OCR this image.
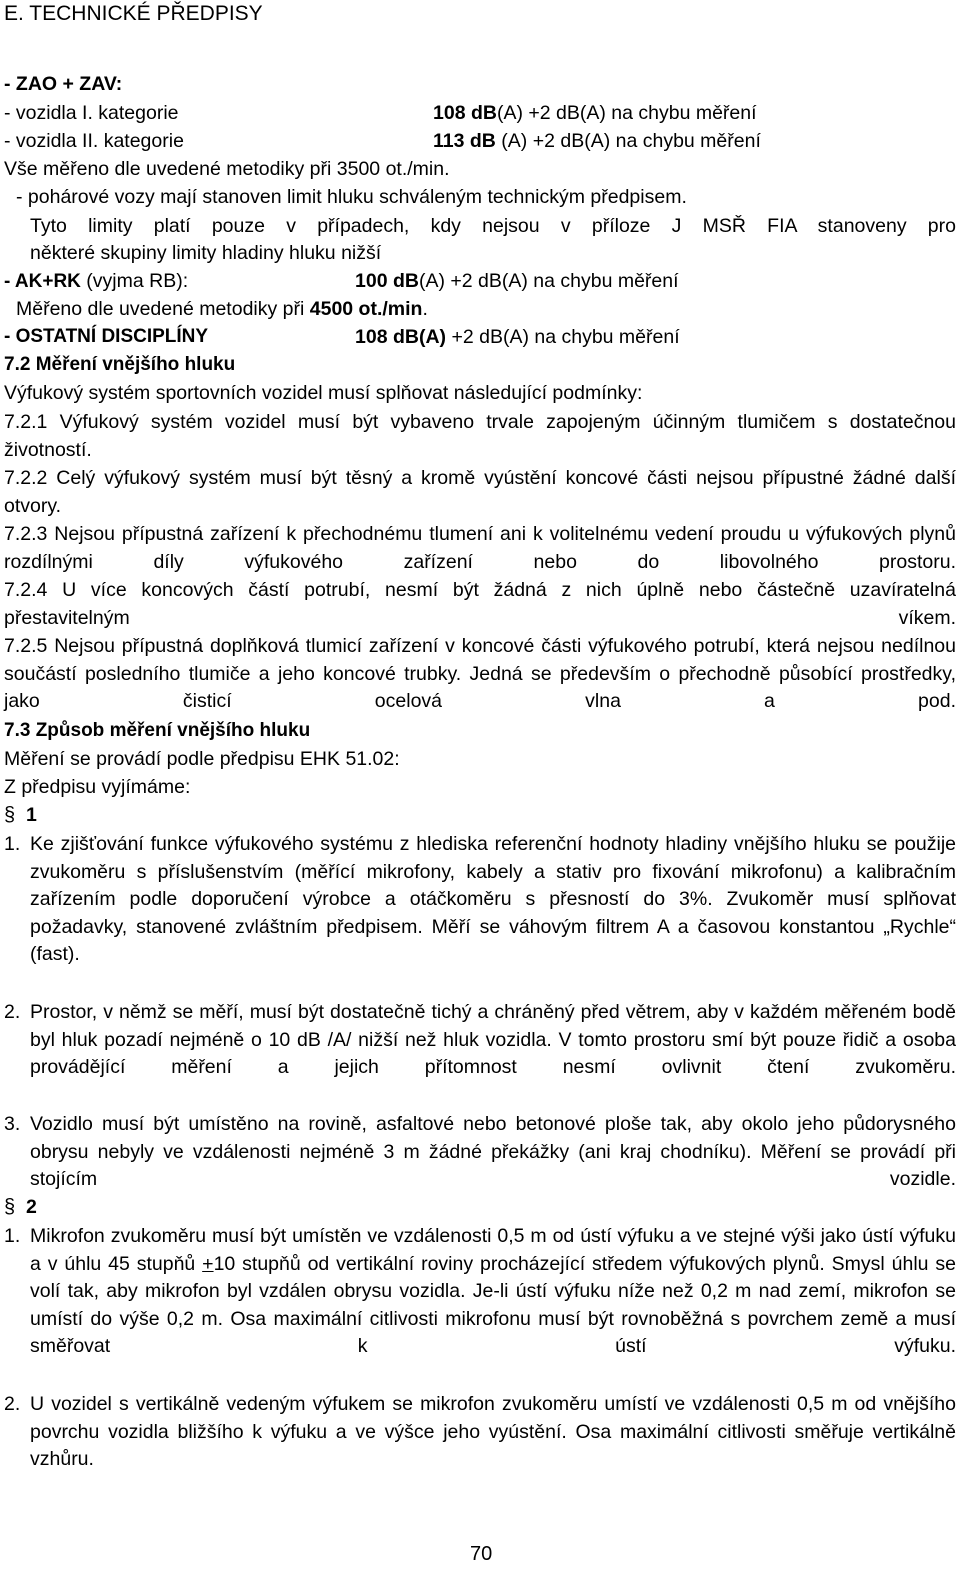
E. TECHNICKÉ PŘEDPISY
- ZAO + ZAV:
- vozidla I. kategorie	108 dB(A) +2 dB(A) na chybu měření
- vozidla II. kategorie	113 dB (A) +2 dB(A) na chybu měření
Vše měřeno dle uvedené metodiky při 3500 ot./min.
- pohárové vozy mají stanoven limit hluku schváleným technickým předpisem.
Tyto limity platí pouze v případech, kdy nejsou v příloze J MSŘ FIA stanoveny pro
některé skupiny limity hladiny hluku nižší
- AK+RK (vyjma RB):	100 dB(A) +2 dB(A) na chybu měření
Měřeno dle uvedené metodiky při 4500 ot./min.
- OSTATNÍ DISCIPLÍNY	108 dB(A) +2 dB(A) na chybu měření
7.2 Měření vnějšího hluku
Výfukový systém sportovních vozidel musí splňovat následující podmínky:
7.2.1 Výfukový systém vozidel musí být vybaveno trvale zapojeným účinným tlumičem s dostatečnou životností.
7.2.2 Celý výfukový systém musí být těsný a kromě vyústění koncové části nejsou přípustné žádné další otvory.
7.2.3 Nejsou přípustná zařízení k přechodnému tlumení ani k volitelnému vedení proudu u výfukových plynů rozdílnými díly výfukového zařízení nebo do libovolného prostoru.
7.2.4 U více koncových částí potrubí, nesmí být žádná z nich úplně nebo částečně uzavíratelná přestavitelným víkem.
7.2.5 Nejsou přípustná doplňková tlumicí zařízení v koncové části výfukového potrubí, která nejsou nedílnou součástí posledního tlumiče a jeho koncové trubky. Jedná se především o přechodně působící prostředky, jako čisticí ocelová vlna a pod.
7.3 Způsob měření vnějšího hluku
Měření se provádí podle předpisu EHK 51.02:
Z předpisu vyjímáme:
§ 1
1. Ke zjišťování funkce výfukového systému z hlediska referenční hodnoty hladiny vnějšího hluku se použije zvukoměru s příslušenstvím (měřící mikrofony, kabely a stativ pro fixování mikrofonu) a kalibračním zařízením podle doporučení výrobce a otáčkoměru s přesností do 3%. Zvukoměr musí splňovat požadavky, stanovené zvláštním předpisem. Měří se váhovým filtrem A a časovou konstantou „Rychle“ (fast).
2. Prostor, v němž se měří, musí být dostatečně tichý a chráněný před větrem, aby v každém měřeném bodě byl hluk pozadí nejméně o 10 dB /A/ nižší než hluk vozidla. V tomto prostoru smí být pouze řidič a osoba provádějící měření a jejich přítomnost nesmí ovlivnit čtení zvukoměru.
3. Vozidlo musí být umístěno na rovině, asfaltové nebo betonové ploše tak, aby okolo jeho půdorysného obrysu nebyly ve vzdálenosti nejméně 3 m žádné překážky (ani kraj chodníku). Měření se provádí při stojícím vozidle.
§ 2
1. Mikrofon zvukoměru musí být umístěn ve vzdálenosti 0,5 m od ústí výfuku a ve stejné výši jako ústí výfuku a v úhlu 45 stupňů +10 stupňů od vertikální roviny procházející středem výfukových plynů. Smysl úhlu se volí tak, aby mikrofon byl vzdálen obrysu vozidla. Je-li ústí výfuku níže než 0,2 m nad zemí, mikrofon se umístí do výše 0,2 m. Osa maximální citlivosti mikrofonu musí být rovnoběžná s povrchem země a musí směřovat k ústí výfuku.
2. U vozidel s vertikálně vedeným výfukem se mikrofon zvukoměru umístí ve vzdálenosti 0,5 m od vnějšího povrchu vozidla bližšího k výfuku a ve výšce jeho vyústění. Osa maximální citlivosti směřuje vertikálně vzhůru.
70
